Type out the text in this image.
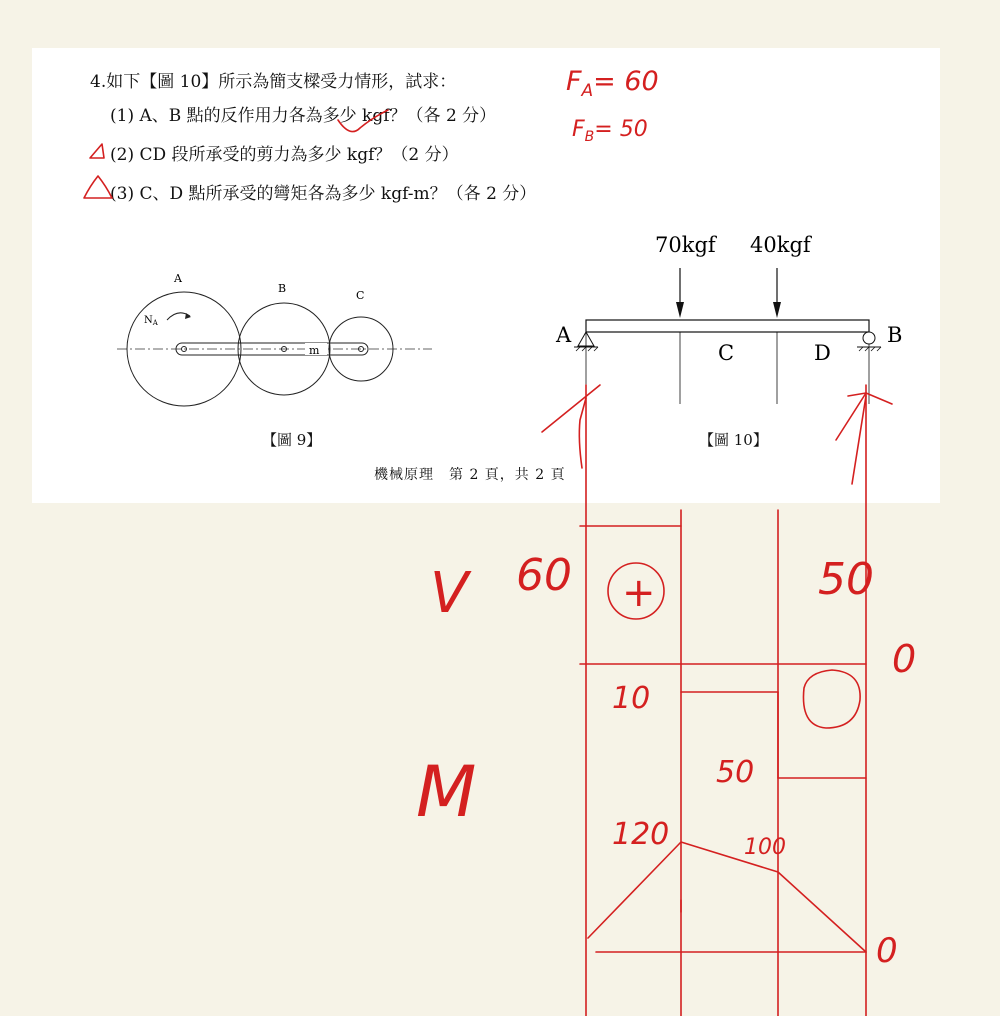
4.如下【圖 10】所示為簡支樑受力情形，試求：
(1) A、B 點的反作用力各為多少 kgf？（各 2 分）
(2) CD 段所承受的剪力為多少 kgf？（2 分）
(3) C、D 點所承受的彎矩各為多少 kgf-m？（各 2 分）
A
B
C
$N_A$
m
【圖 9】
70kgf 40kgf
A	B
C	D
【圖 10】
機械原理　第 2 頁，共 2 頁
$F_A= 60$
$F_B= 50$
V 60 +	50
0
10
50
M
120	100
0
